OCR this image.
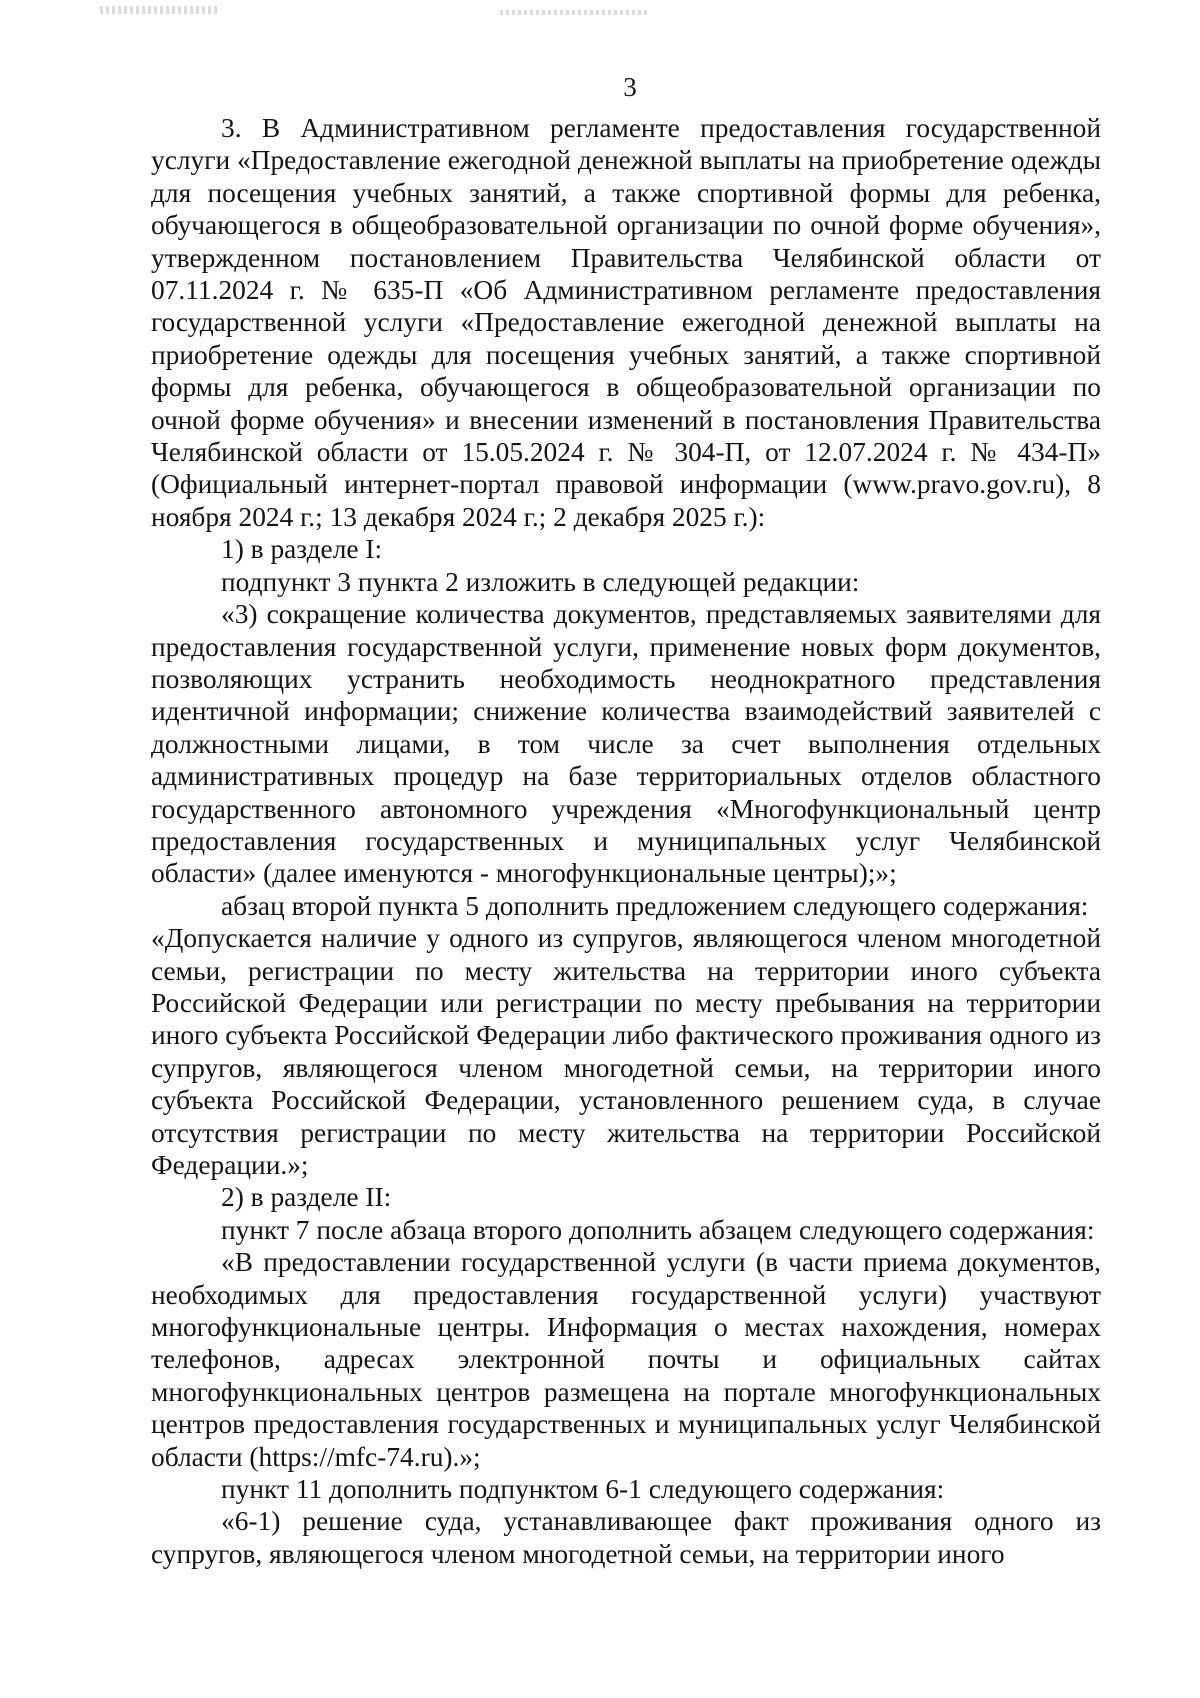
3

3. В Административном регламенте предоставления государственной услуги «Предоставление ежегодной денежной выплаты на приобретение одежды для посещения учебных занятий, а также спортивной формы для ребенка, обучающегося в общеобразовательной организации по очной форме обучения», утвержденном постановлением Правительства Челябинской области от 07.11.2024 г. № 635-П «Об Административном регламенте предоставления государственной услуги «Предоставление ежегодной денежной выплаты на приобретение одежды для посещения учебных занятий, а также спортивной формы для ребенка, обучающегося в общеобразовательной организации по очной форме обучения» и внесении изменений в постановления Правительства Челябинской области от 15.05.2024 г. № 304-П, от 12.07.2024 г. № 434-П» (Официальный интернет-портал правовой информации (www.pravo.gov.ru), 8 ноября 2024 г.; 13 декабря 2024 г.; 2 декабря 2025 г.):

1) в разделе I:

подпункт 3 пункта 2 изложить в следующей редакции:

«3) сокращение количества документов, представляемых заявителями для предоставления государственной услуги, применение новых форм документов, позволяющих устранить необходимость неоднократного представления идентичной информации; снижение количества взаимодействий заявителей с должностными лицами, в том числе за счет выполнения отдельных административных процедур на базе территориальных отделов областного государственного автономного учреждения «Многофункциональный центр предоставления государственных и муниципальных услуг Челябинской области» (далее именуются - многофункциональные центры);»;

абзац второй пункта 5 дополнить предложением следующего содержания:

«Допускается наличие у одного из супругов, являющегося членом многодетной семьи, регистрации по месту жительства на территории иного субъекта Российской Федерации или регистрации по месту пребывания на территории иного субъекта Российской Федерации либо фактического проживания одного из супругов, являющегося членом многодетной семьи, на территории иного субъекта Российской Федерации, установленного решением суда, в случае отсутствия регистрации по месту жительства на территории Российской Федерации.»;

2) в разделе II:

пункт 7 после абзаца второго дополнить абзацем следующего содержания:

«В предоставлении государственной услуги (в части приема документов, необходимых для предоставления государственной услуги) участвуют многофункциональные центры. Информация о местах нахождения, номерах телефонов, адресах электронной почты и официальных сайтах многофункциональных центров размещена на портале многофункциональных центров предоставления государственных и муниципальных услуг Челябинской области (https://mfc-74.ru).»;

пункт 11 дополнить подпунктом 6-1 следующего содержания:

«6-1) решение суда, устанавливающее факт проживания одного из супругов, являющегося членом многодетной семьи, на территории иного
